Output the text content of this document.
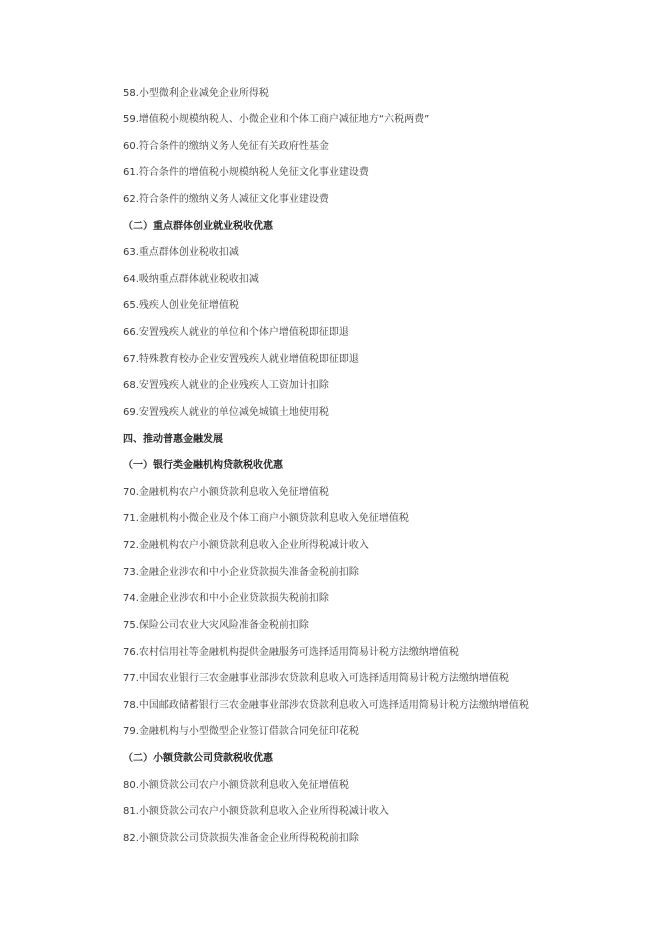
58.小型微利企业减免企业所得税
59.增值税小规模纳税人、小微企业和个体工商户减征地方“六税两费”
60.符合条件的缴纳义务人免征有关政府性基金
61.符合条件的增值税小规模纳税人免征文化事业建设费
62.符合条件的缴纳义务人减征文化事业建设费
（二）重点群体创业就业税收优惠
63.重点群体创业税收扣减
64.吸纳重点群体就业税收扣减
65.残疾人创业免征增值税
66.安置残疾人就业的单位和个体户增值税即征即退
67.特殊教育校办企业安置残疾人就业增值税即征即退
68.安置残疾人就业的企业残疾人工资加计扣除
69.安置残疾人就业的单位减免城镇土地使用税
四、推动普惠金融发展
（一）银行类金融机构贷款税收优惠
70.金融机构农户小额贷款利息收入免征增值税
71.金融机构小微企业及个体工商户小额贷款利息收入免征增值税
72.金融机构农户小额贷款利息收入企业所得税减计收入
73.金融企业涉农和中小企业贷款损失准备金税前扣除
74.金融企业涉农和中小企业贷款损失税前扣除
75.保险公司农业大灾风险准备金税前扣除
76.农村信用社等金融机构提供金融服务可选择适用简易计税方法缴纳增值税
77.中国农业银行三农金融事业部涉农贷款利息收入可选择适用简易计税方法缴纳增值税
78.中国邮政储蓄银行三农金融事业部涉农贷款利息收入可选择适用简易计税方法缴纳增值税
79.金融机构与小型微型企业签订借款合同免征印花税
（二）小额贷款公司贷款税收优惠
80.小额贷款公司农户小额贷款利息收入免征增值税
81.小额贷款公司农户小额贷款利息收入企业所得税减计收入
82.小额贷款公司贷款损失准备金企业所得税税前扣除
